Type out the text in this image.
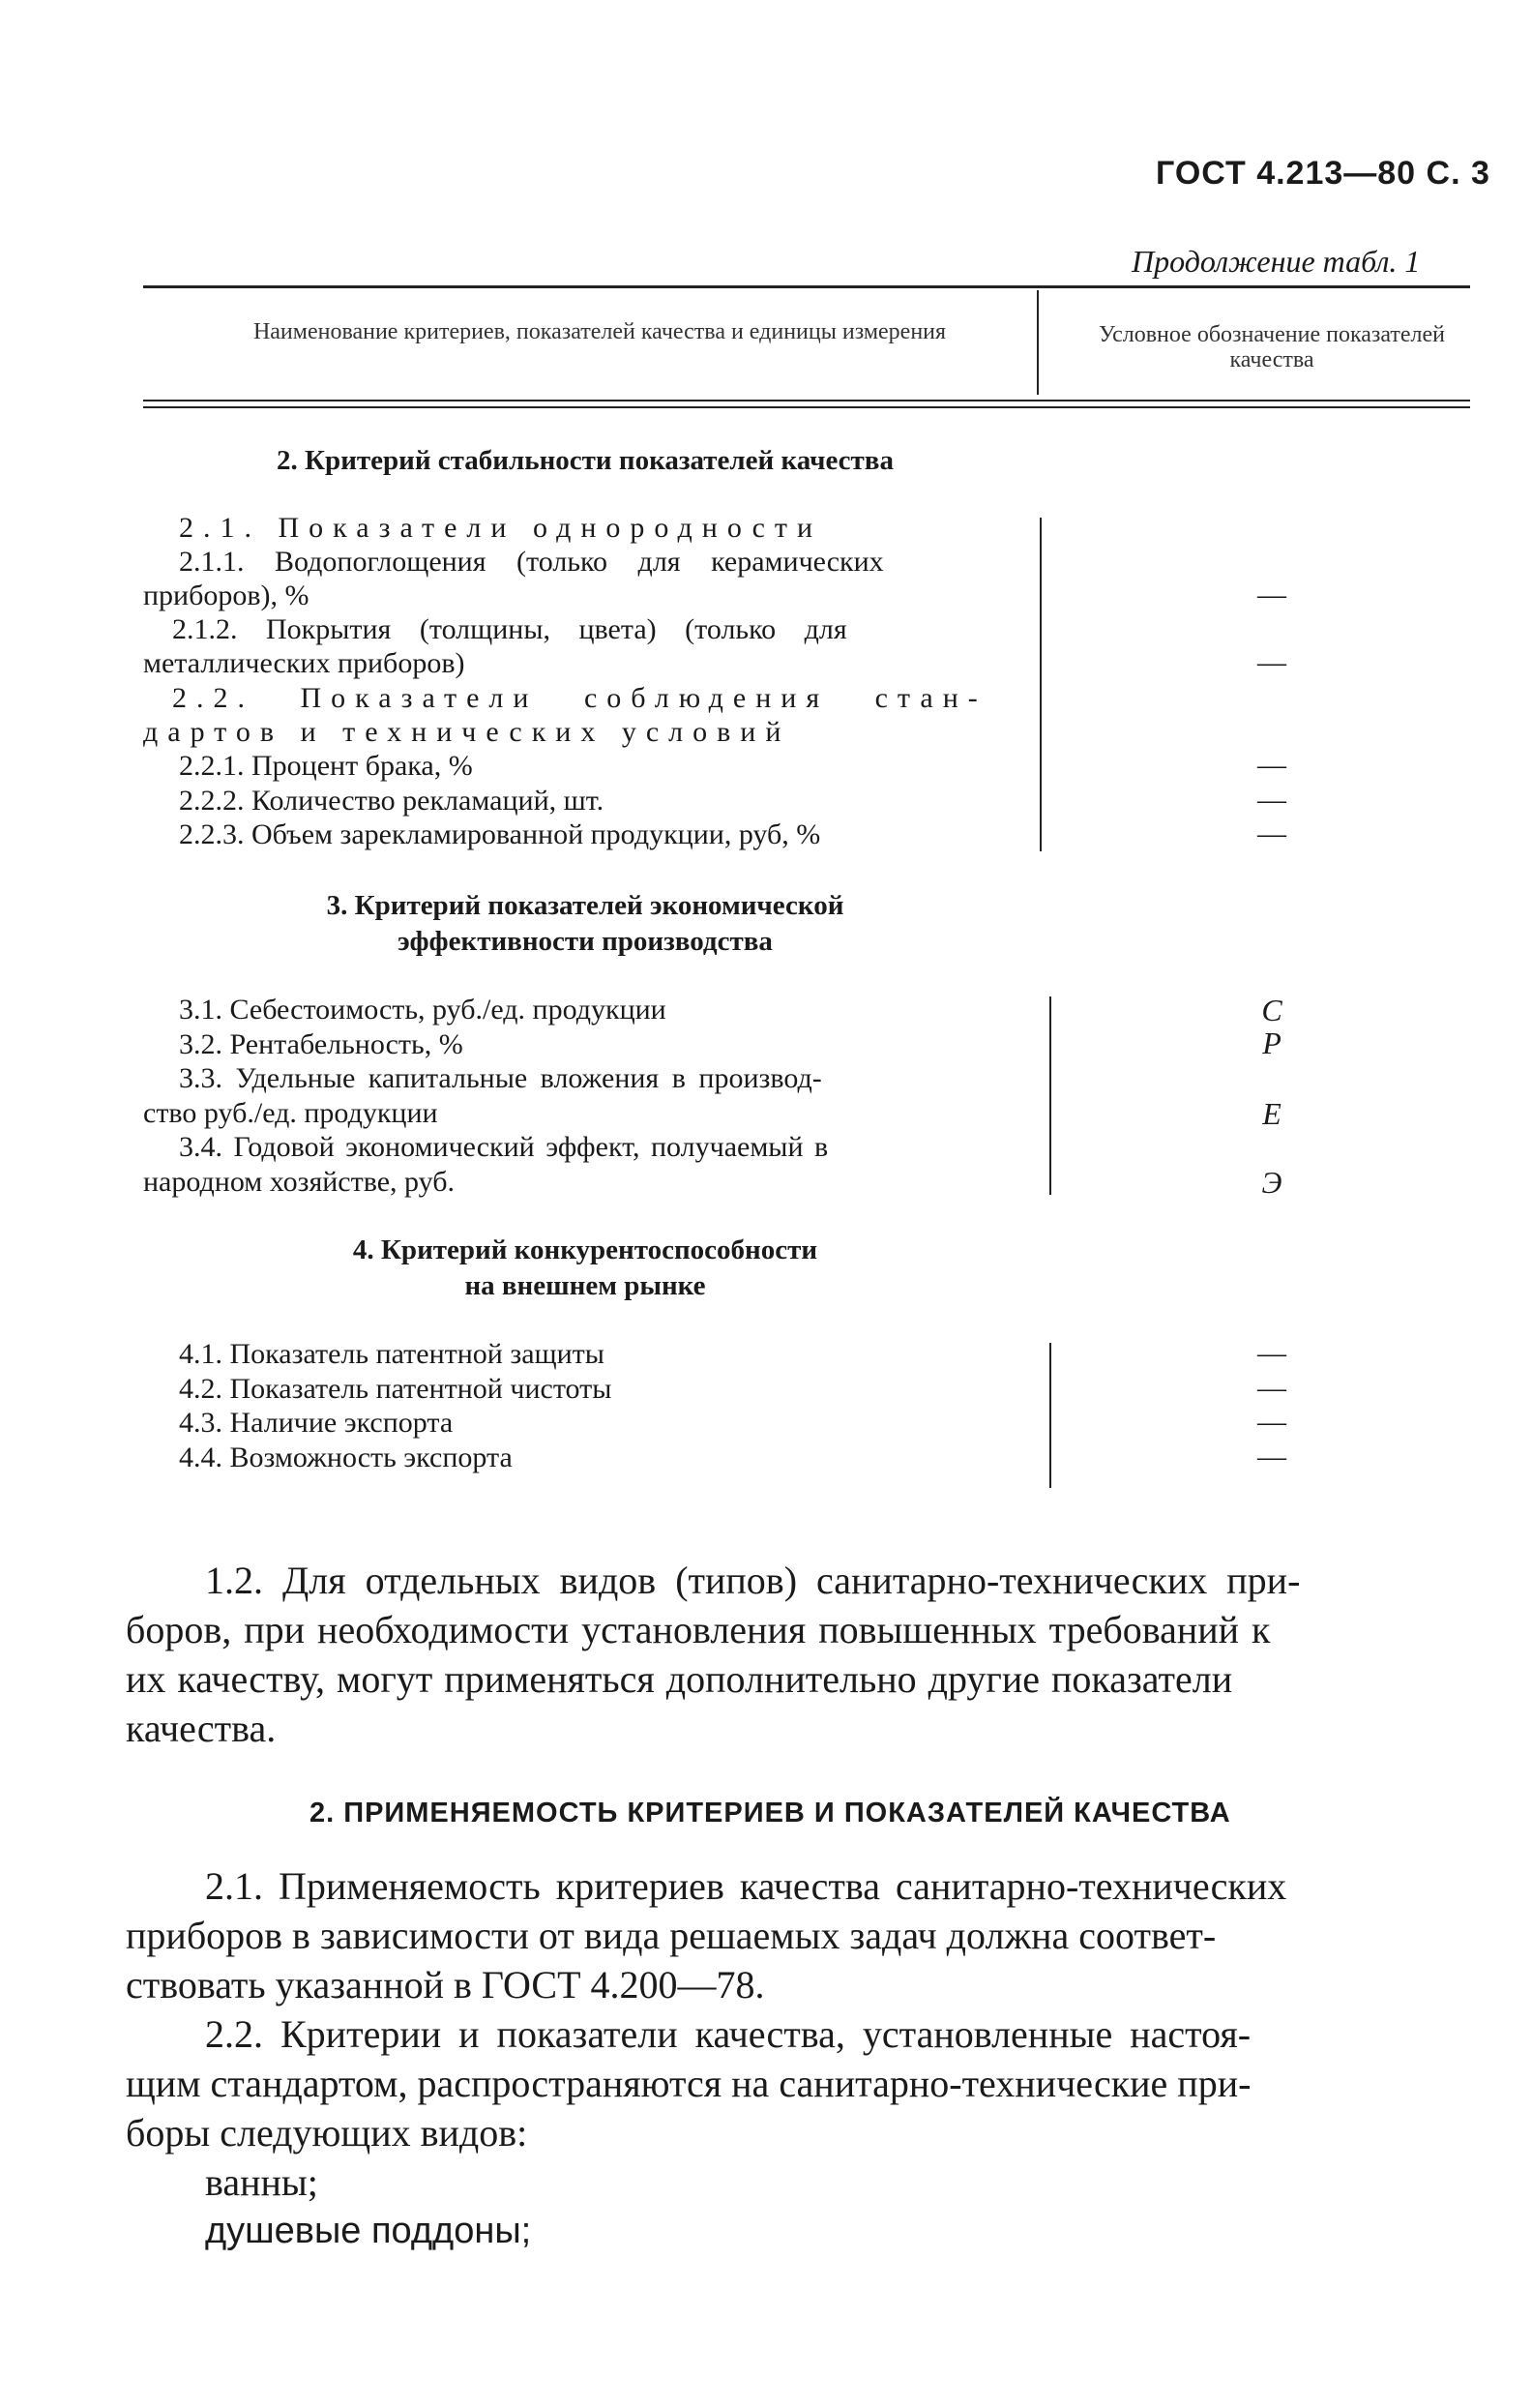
ГОСТ 4.213—80 С. 3
Продолжение табл. 1
Наименование критериев, показателей качества и единицы измерения	Условное обозначение показателей качества
2. Критерий стабильности показателей качества
2.1. Показатели однородности
2.1.1. Водопоглощения (только для керамических
приборов), %
2.1.2. Покрытия (толщины, цвета) (только для
металлических приборов)
2.2. Показатели соблюдения стан-
дартов и технических условий
2.2.1. Процент брака, %
2.2.2. Количество рекламаций, шт.
2.2.3. Объем зарекламированной продукции, руб, %
—
—
—
—
—
3. Критерий показателей экономической
эффективности производства
3.1. Себестоимость, руб./ед. продукции
3.2. Рентабельность, %
3.3. Удельные капитальные вложения в производ-
ство руб./ед. продукции
3.4. Годовой экономический эффект, получаемый в
народном хозяйстве, руб.
С
Р
Е
Э
4. Критерий конкурентоспособности
на внешнем рынке
4.1. Показатель патентной защиты
4.2. Показатель патентной чистоты
4.3. Наличие экспорта
4.4. Возможность экспорта
—
—
—
—
1.2. Для отдельных видов (типов) санитарно-технических при-
боров, при необходимости установления повышенных требований к
их качеству, могут применяться дополнительно другие показатели
качества.
2. ПРИМЕНЯЕМОСТЬ КРИТЕРИЕВ И ПОКАЗАТЕЛЕЙ КАЧЕСТВА
2.1. Применяемость критериев качества санитарно-технических
приборов в зависимости от вида решаемых задач должна соответ-
ствовать указанной в ГОСТ 4.200—78.
2.2. Критерии и показатели качества, установленные настоя-
щим стандартом, распространяются на санитарно-технические при-
боры следующих видов:
ванны;
душевые поддоны;
